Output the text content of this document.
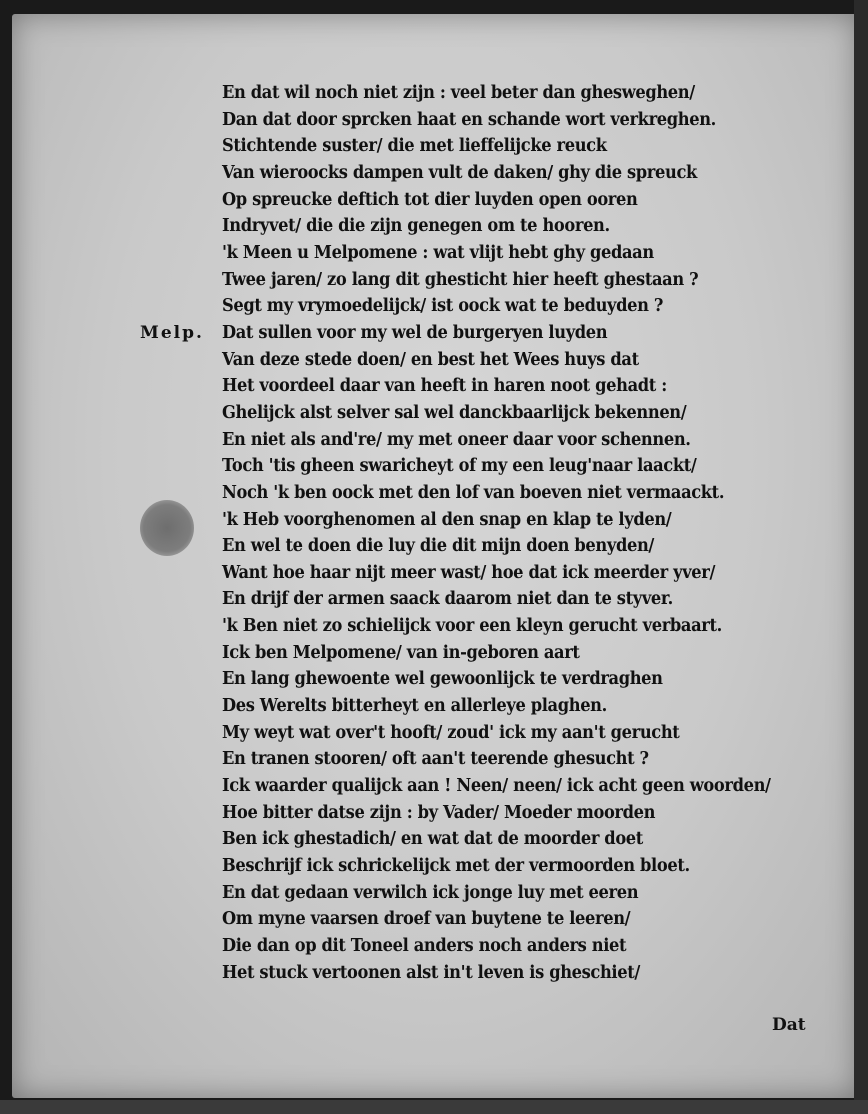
Melp.
En dat wil noch niet zijn : veel beter dan ghesweghen/
Dan dat door sprcken haat en schande wort verkreghen.
Stichtende suster/ die met lieffelijcke reuck
Van wieroocks dampen vult de daken/ ghy die spreuck
Op spreucke deftich tot dier luyden open ooren
Indryvet/ die die zijn genegen om te hooren.
'k Meen u Melpomene : wat vlijt hebt ghy gedaan
Twee jaren/ zo lang dit ghesticht hier heeft ghestaan ?
Segt my vrymoedelijck/ ist oock wat te beduyden ?
Dat sullen voor my wel de burgeryen luyden
Van deze stede doen/ en best het Wees huys dat
Het voordeel daar van heeft in haren noot gehadt :
Ghelijck alst selver sal wel danckbaarlijck bekennen/
En niet als and're/ my met oneer daar voor schennen.
Toch 'tis gheen swaricheyt of my een leug'naar laackt/
Noch 'k ben oock met den lof van boeven niet vermaackt.
'k Heb voorghenomen al den snap en klap te lyden/
En wel te doen die luy die dit mijn doen benyden/
Want hoe haar nijt meer wast/ hoe dat ick meerder yver/
En drijf der armen saack daarom niet dan te styver.
'k Ben niet zo schielijck voor een kleyn gerucht verbaart.
Ick ben Melpomene/ van in-geboren aart
En lang ghewoente wel gewoonlijck te verdraghen
Des Werelts bitterheyt en allerleye plaghen.
My weyt wat over't hooft/ zoud' ick my aan't gerucht
En tranen stooren/ oft aan't teerende ghesucht ?
Ick waarder qualijck aan ! Neen/ neen/ ick acht geen woorden/
Hoe bitter datse zijn : by Vader/ Moeder moorden
Ben ick ghestadich/ en wat dat de moorder doet
Beschrijf ick schrickelijck met der vermoorden bloet.
En dat gedaan verwilch ick jonge luy met eeren
Om myne vaarsen droef van buytene te leeren/
Die dan op dit Toneel anders noch anders niet
Het stuck vertoonen alst in't leven is gheschiet/
Dat
